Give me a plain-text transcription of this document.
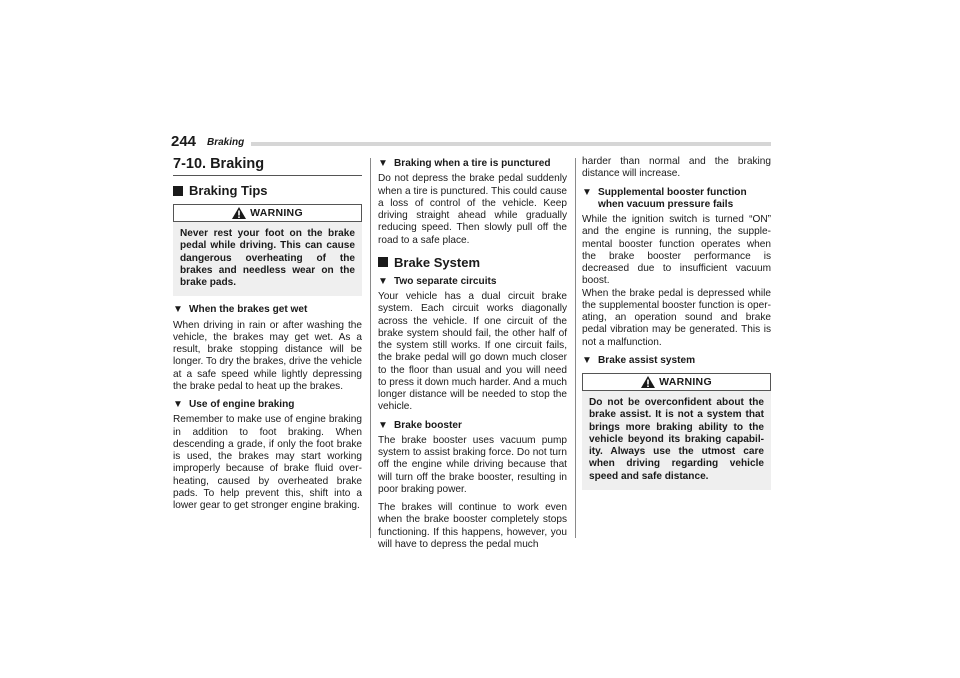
244 Braking
7-10. Braking
Braking Tips
WARNING
Never rest your foot on the brake pedal while driving. This can cause dangerous overheating of the brakes and needless wear on the brake pads.
▼ When the brakes get wet

When driving in rain or after washing the vehicle, the brakes may get wet. As a result, brake stopping distance will be longer. To dry the brakes, drive the vehicle at a safe speed while lightly depressing the brake pedal to heat up the brakes.

▼ Use of engine braking

Remember to make use of engine braking in addition to foot braking. When descending a grade, if only the foot brake is used, the brakes may start working improperly because of brake fluid over-heating, caused by overheated brake pads. To help prevent this, shift into a lower gear to get stronger engine braking.

▼ Braking when a tire is punctured

Do not depress the brake pedal suddenly when a tire is punctured. This could cause a loss of control of the vehicle. Keep driving straight ahead while gradually reducing speed. Then slowly pull off the road to a safe place.

Brake System
▼ Two separate circuits

Your vehicle has a dual circuit brake system. Each circuit works diagonally across the vehicle. If one circuit of the brake system should fail, the other half of the system still works. If one circuit fails, the brake pedal will go down much closer to the floor than usual and you will need to press it down much harder. And a much longer distance will be needed to stop the vehicle.

▼ Brake booster

The brake booster uses vacuum pump system to assist braking force. Do not turn off the engine while driving because that will turn off the brake booster, resulting in poor braking power.

The brakes will continue to work even when the brake booster completely stops functioning. If this happens, however, you will have to depress the pedal much

harder than normal and the braking distance will increase.

▼ Supplemental booster function when vacuum pressure fails

While the ignition switch is turned “ON” and the engine is running, the supple-mental booster function operates when the brake booster performance is decreased due to insufficient vacuum boost.

When the brake pedal is depressed while the supplemental booster function is oper-ating, an operation sound and brake pedal vibration may be generated. This is not a malfunction.

▼ Brake assist system
WARNING
Do not be overconfident about the brake assist. It is not a system that brings more braking ability to the vehicle beyond its braking capabil-ity. Always use the utmost care when driving regarding vehicle speed and safe distance.
